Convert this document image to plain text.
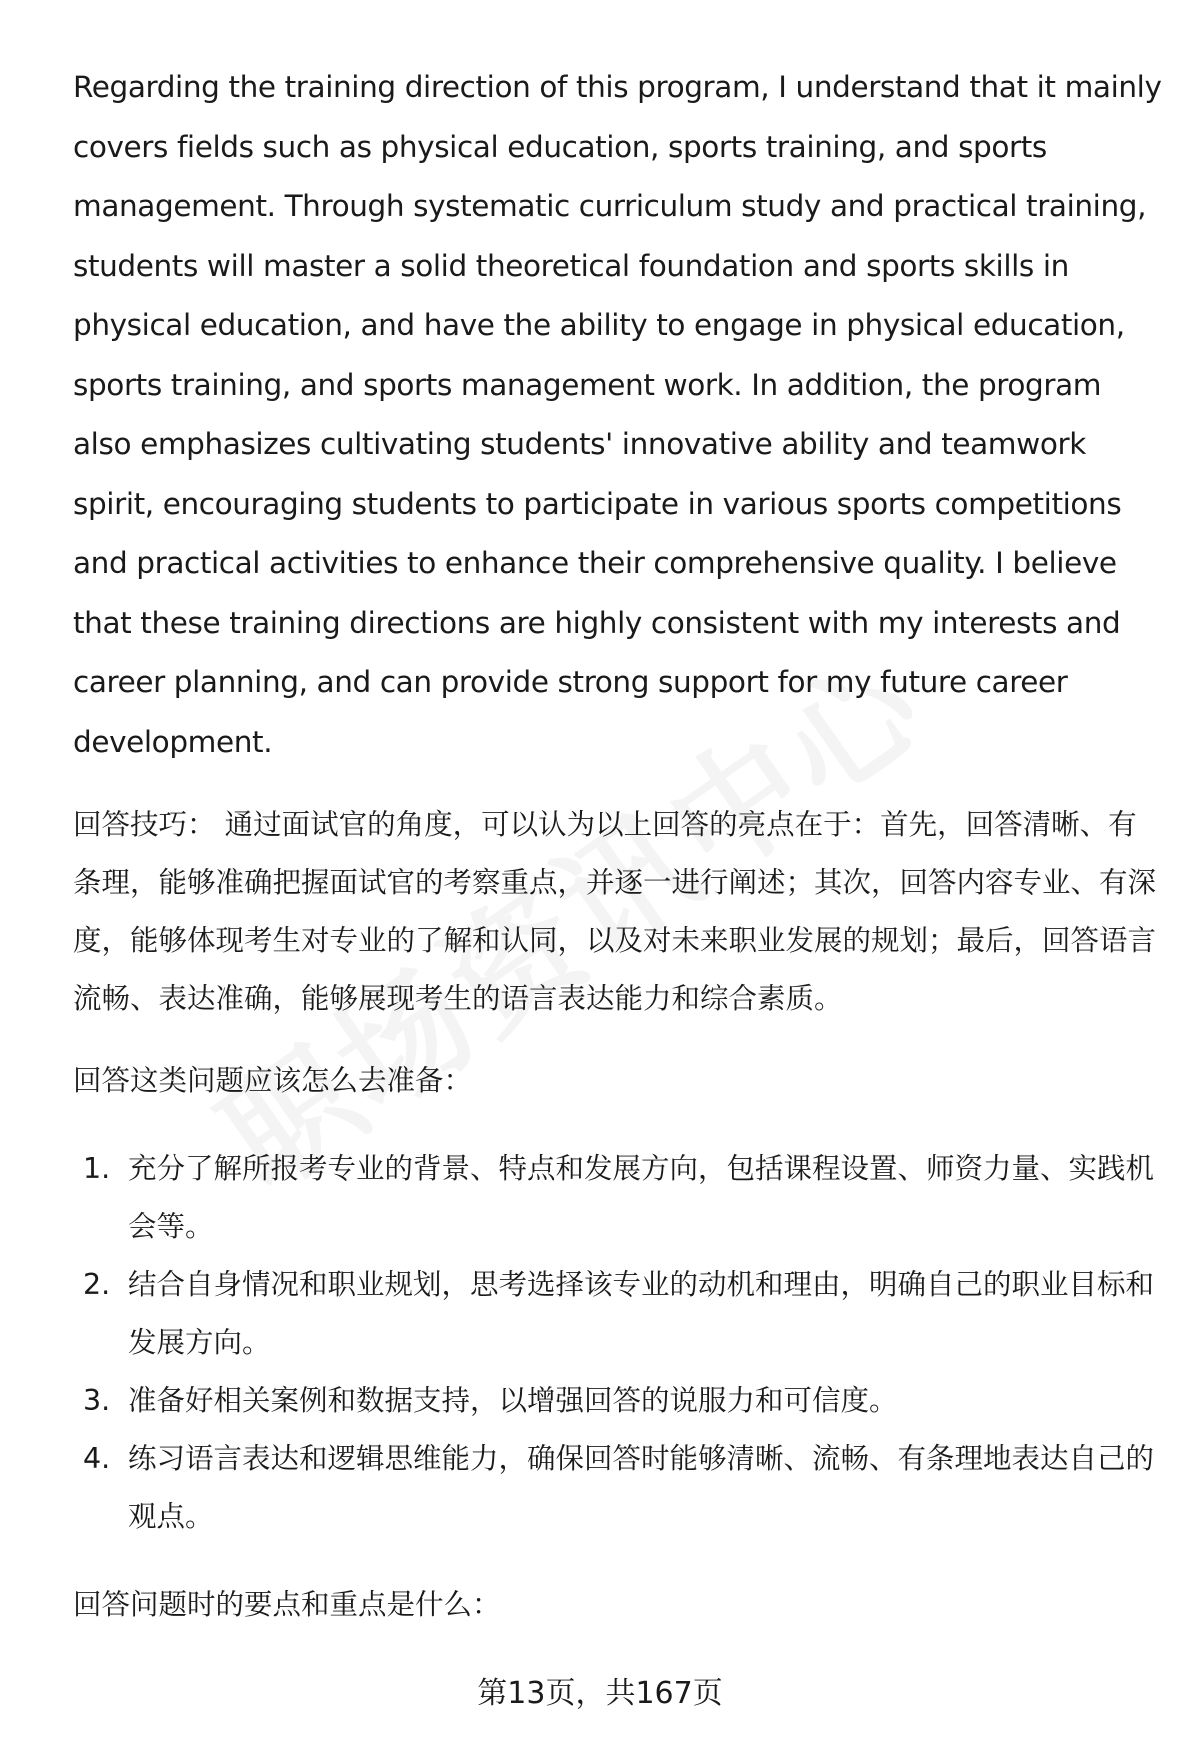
Regarding the training direction of this program, I understand that it mainly covers fields such as physical education, sports training, and sports management. Through systematic curriculum study and practical training, students will master a solid theoretical foundation and sports skills in physical education, and have the ability to engage in physical education, sports training, and sports management work. In addition, the program also emphasizes cultivating students' innovative ability and teamwork spirit, encouraging students to participate in various sports competitions and practical activities to enhance their comprehensive quality. I believe that these training directions are highly consistent with my interests and career planning, and can provide strong support for my future career development.

回答技巧： 通过面试官的角度，可以认为以上回答的亮点在于：首先，回答清晰、有条理，能够准确把握面试官的考察重点，并逐一进行阐述；其次，回答内容专业、有深度，能够体现考生对专业的了解和认同，以及对未来职业发展的规划；最后，回答语言流畅、表达准确，能够展现考生的语言表达能力和综合素质。

回答这类问题应该怎么去准备：

1. 充分了解所报考专业的背景、特点和发展方向，包括课程设置、师资力量、实践机会等。
2. 结合自身情况和职业规划，思考选择该专业的动机和理由，明确自己的职业目标和发展方向。
3. 准备好相关案例和数据支持，以增强回答的说服力和可信度。
4. 练习语言表达和逻辑思维能力，确保回答时能够清晰、流畅、有条理地表达自己的观点。

回答问题时的要点和重点是什么：

第13页，共167页
